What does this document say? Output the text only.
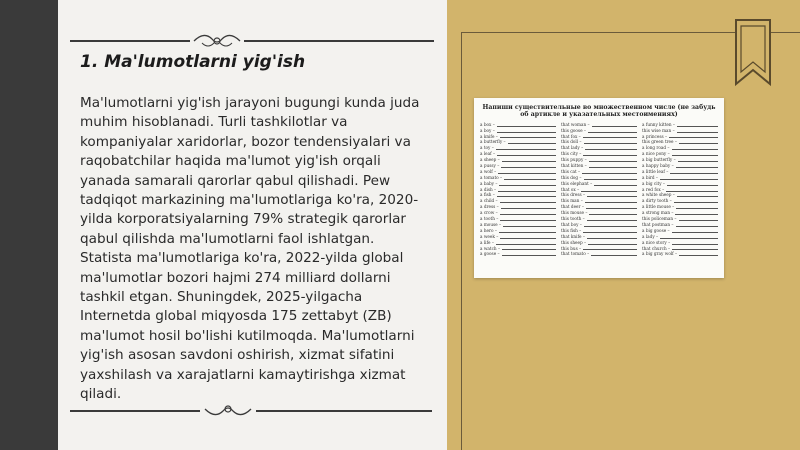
1. Ma'lumotlarni yig'ish
Ma'lumotlarni yig'ish jarayoni bugungi kunda juda muhim hisoblanadi. Turli tashkilotlar va kompaniyalar xaridorlar, bozor tendensiyalari va raqobatchilar haqida ma'lumot yig'ish orqali yanada samarali qarorlar qabul qilishadi. Pew tadqiqot markazining ma'lumotlariga ko'ra, 2020-yilda korporatsiyalarning 79% strategik qarorlar qabul qilishda ma'lumotlarni faol ishlatgan. Statista ma'lumotlariga ko'ra, 2022-yilda global ma'lumotlar bozori hajmi 274 milliard dollarni tashkil etgan. Shuningdek, 2025-yilgacha Internetda global miqyosda 175 zettabyt (ZB) ma'lumot hosil bo'lishi kutilmoqda. Ma'lumotlarni yig'ish asosan savdoni oshirish, xizmat sifatini yaxshilash va xarajatlarni kamaytirishga xizmat qiladi.
Напиши существительные во множественном числе (не забудь об артикле и указательных местоимениях)
a box –
a boy –
a knife –
a butterfly –
a toy –
a leaf –
a sheep –
a pussy –
a wolf –
a tomato –
a baby –
a dish –
a fish –
a child –
a dress –
a crow –
a tooth –
a mouse –
a hero –
a week –
a life –
a watch –
a goose –
that woman –
this goose –
that fox –
this doll –
that lady –
this city –
this puppy –
that kitten –
this cat –
this dog –
this elephant –
that ox –
this dress –
this man –
that deer –
this mouse –
this tooth –
that boy –
this fish –
that knife –
this sheep –
this bus –
that tomato –
a funny kitten –
this wise man –
a princess –
this green tree –
a long road –
a nice pony –
a big butterfly –
a happy baby –
a little leaf –
a bird –
a big city –
a red fox –
a white sheep –
a dirty tooth –
a little mouse –
a strong man –
this policeman –
that postman –
a big goose –
a lady –
a nice story –
that church –
a big gray wolf –
